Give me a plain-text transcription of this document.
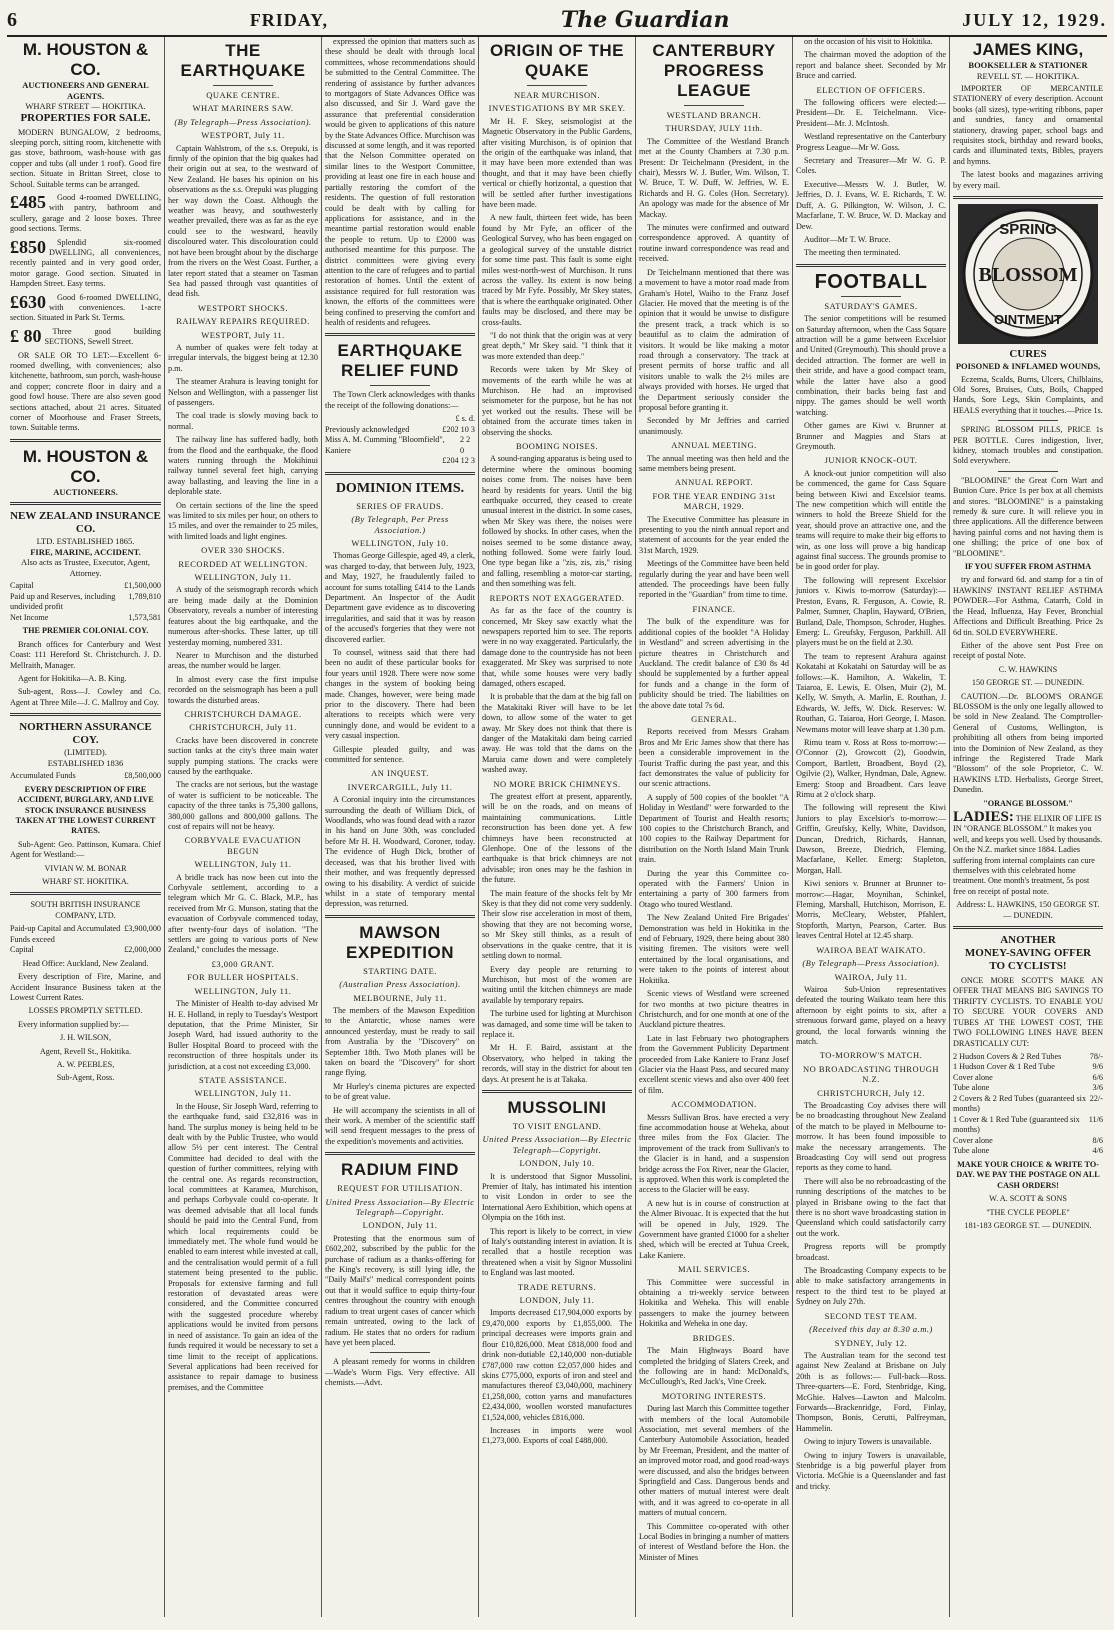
6	FRIDAY,	The Guardian	JULY 12, 1929.
M. HOUSTON & CO.
AUCTIONEERS AND GENERAL AGENTS.
WHARF STREET — HOKITIKA.
PROPERTIES FOR SALE.

MODERN BUNGALOW, 2 bedrooms, sleeping porch, sitting room, kitchenette with gas stove, bathroom, wash-house with gas copper and tubs (all under 1 roof). Good fire section. Situate in Brittan Street, close to School. Suitable terms can be arranged.

£485	Good 4-roomed DWELLING, with pantry, bathroom and scullery, garage and 2 loose boxes. Three good sections. Terms.

£850	Splendid six-roomed DWELLING, all conveniences, recently painted and in very good order, motor garage. Good section. Situated in Hampden Street. Easy terms.

£630	Good 6-roomed DWELLING, with conveniences. 1-acre section. Situated in Park St. Terms.

£ 80	Three good building SECTIONS, Sewell Street.

OR SALE OR TO LET:—Excellent 6-roomed dwelling, with conveniences; also kitchenette, bathroom, sun porch, wash-house and copper; concrete floor in dairy and a good fowl house. There are also seven good sections attached, about 21 acres. Situated corner of Moorhouse and Fraser Streets, town. Suitable terms.

M. HOUSTON & CO.
AUCTIONEERS.
NEW ZEALAND INSURANCE CO.
LTD. ESTABLISHED 1865.
FIRE, MARINE, ACCIDENT.
Also acts as Trustee, Executor, Agent, Attorney.
Capital	£1,500,000
Paid up and Reserves, including undivided profit
1,789,810
Net Income	1,573,581
THE PREMIER COLONIAL COY.

Branch offices for Canterbury and West Coast: 111 Hereford St. Christchurch. J. D. Mellraith, Manager.

Agent for Hokitika—A. B. King.

Sub-agent, Ross—J. Cowley and Co. Agent at Three Mile—J. C. Mallroy and Coy.

NORTHERN ASSURANCE COY.
(LIMITED).
ESTABLISHED 1836
Accumulated Funds	£8,500,000
EVERY DESCRIPTION OF FIRE ACCIDENT, BURGLARY, AND LIVE STOCK INSURANCE BUSINESS TAKEN AT THE LOWEST CURRENT RATES.

Sub-Agent: Geo. Pattinson, Kumara. Chief Agent for Westland:—

VIVIAN W. M. BONAR
WHARF ST. HOKITIKA.
SOUTH BRITISH INSURANCE COMPANY, LTD.
Paid-up Capital and Accumulated Funds exceed
£3,900,000
Capital	£2,000,000
Head Office: Auckland, New Zealand.

Every description of Fire, Marine, and Accident Insurance Business taken at the Lowest Current Rates.

LOSSES PROMPTLY SETTLED.

Every information supplied by:—

J. H. WILSON,
Agent, Revell St., Hokitika.
A. W. PEEBLES,
Sub-Agent, Ross.
THE EARTHQUAKE
QUAKE CENTRE.
WHAT MARINERS SAW.
(By Telegraph—Press Association).
WESTPORT, July 11.

Captain Wahlstrom, of the s.s. Orepuki, is firmly of the opinion that the big quakes had their origin out at sea, to the westward of New Zealand. He bases his opinion on his observations as the s.s. Orepuki was plugging her way down the Coast. Although the weather was heavy, and southwesterly weather prevailed, there was as far as the eye could see to the westward, heavily discoloured water. This discolouration could not have been brought about by the discharge from the rivers on the West Coast. Further, a later report stated that a steamer on Tasman Sea had passed through vast quantities of dead fish.

WESTPORT SHOCKS.
RAILWAY REPAIRS REQUIRED.
WESTPORT, July 11.

A number of quakes were felt today at irregular intervals, the biggest being at 12.30 p.m.

The steamer Arahura is leaving tonight for Nelson and Wellington, with a passenger list of passengers.

The coal trade is slowly moving back to normal.

The railway line has suffered badly, both from the flood and the earthquake, the flood waters running through the Mokihinui railway tunnel several feet high, carrying away ballasting, and leaving the line in a deplorable state.

On certain sections of the line the speed was limited to six miles per hour, on others to 15 miles, and over the remainder to 25 miles, with limited loads and light engines.

OVER 330 SHOCKS.
RECORDED AT WELLINGTON.
WELLINGTON, July 11.

A study of the seismograph records which are being made daily at the Dominion Observatory, reveals a number of interesting features about the big earthquake, and the numerous after-shocks. These latter, up till yesterday morning, numbered 331.

Nearer to Murchison and the disturbed areas, the number would be larger.

In almost every case the first impulse recorded on the seismograph has been a pull towards the disturbed areas.

CHRISTCHURCH DAMAGE.
CHRISTCHURCH, July 11.

Cracks have been discovered in concrete suction tanks at the city's three main water supply pumping stations. The cracks were caused by the earthquake.

The cracks are not serious, but the wastage of water is sufficient to be noticeable. The capacity of the three tanks is 75,300 gallons, 380,000 gallons and 800,000 gallons. The cost of repairs will not be heavy.

CORBYVALE EVACUATION BEGUN
WELLINGTON, July 11.

A bridle track has now been cut into the Corbyvale settlement, according to a telegram which Mr G. C. Black, M.P., has received from Mr G. Munson, stating that the evacuation of Corbyvale commenced today, after twenty-four days of isolation. "The settlers are going to various ports of New Zealand," concludes the message.

£3,000 GRANT.
FOR BULLER HOSPITALS.
WELLINGTON, July 11.

The Minister of Health to-day advised Mr H. E. Holland, in reply to Tuesday's Westport deputation, that the Prime Minister, Sir Joseph Ward, had issued authority to the Buller Hospital Board to proceed with the reconstruction of three hospitals under its jurisdiction, at a cost not exceeding £3,000.

STATE ASSISTANCE.
WELLINGTON, July 11.

In the House, Sir Joseph Ward, referring to the earthquake fund, said £32,816 was in hand. The surplus money is being held to be dealt with by the Public Trustee, who would allow 5½ per cent interest. The Central Committee had decided to deal with the question of further committees, relying with the central one. As regards reconstruction, local committees at Karamea, Murchison, and perhaps Corbyvale could co-operate. It was deemed advisable that all local funds should be paid into the Central Fund, from which local requirements could be immediately met. The whole fund would be enabled to earn interest while invested at call, and the centralisation would permit of a full statement being presented to the public. Proposals for extensive farming and full restoration of devastated areas were considered, and the Committee concurred with the suggested procedure whereby applications would be invited from persons in need of assistance. To gain an idea of the funds required it would be necessary to set a time limit to the receipt of applications. Several applications had been received for assistance to repair damage to business premises, and the Committee

expressed the opinion that matters such as these should be dealt with through local committees, whose recommendations should be submitted to the Central Committee. The rendering of assistance by further advances to mortgagors of State Advances Office was also discussed, and Sir J. Ward gave the assurance that preferential consideration would be given to applications of this nature by the State Advances Office. Murchison was discussed at some length, and it was reported that the Nelson Committee operated on similar lines to the Westport Committee, providing at least one fire in each house and partially restoring the comfort of the residents. The question of full restoration could be dealt with by calling for applications for assistance, and in the meantime partial restoration would enable the people to return. Up to £2000 was authorised meantime for this purpose. The district committees were giving every attention to the care of refugees and to partial restoration of homes. Until the extent of assistance required for full restoration was known, the efforts of the committees were being confined to preserving the comfort and health of residents and refugees.

EARTHQUAKE RELIEF FUND

The Town Clerk acknowledges with thanks the receipt of the following donations:—

£ s. d.
Previously acknowledged	£202 10 3
Miss A. M. Cumming "Bloomfield", Kaniere
2 2 0
£204 12 3
DOMINION ITEMS.
SERIES OF FRAUDS.
(By Telegraph, Per Press Association.)
WELLINGTON, July 10.

Thomas George Gillespie, aged 49, a clerk, was charged to-day, that between July, 1923, and May, 1927, he fraudulently failed to account for sums totalling £414 to the Lands Department. An Inspector of the Audit Department gave evidence as to discovering irregularities, and said that it was by reason of the accused's forgeries that they were not discovered earlier.

To counsel, witness said that there had been no audit of these particular books for four years until 1928. There were now some changes in the system of booking being made. Changes, however, were being made prior to the discovery. There had been alterations to receipts which were very cunningly done, and would be evident to a very casual inspection.

Gillespie pleaded guilty, and was committed for sentence.

AN INQUEST.
INVERCARGILL, July 11.

A Coronial inquiry into the circumstances surrounding the death of William Dick, of Woodlands, who was found dead with a razor in his hand on June 30th, was concluded before Mr H. H. Woodward, Coroner, today. The evidence of Hugh Dick, brother of deceased, was that his brother lived with their mother, and was frequently depressed owing to his disability. A verdict of suicide whilst in a state of temporary mental depression, was returned.

MAWSON EXPEDITION
STARTING DATE.
(Australian Press Association).
MELBOURNE, July 11.

The members of the Mawson Expedition to the Antarctic, whose names were announced yesterday, must be ready to sail from Australia by the "Discovery" on September 18th. Two Moth planes will be taken on board the "Discovery" for short range flying.

Mr Hurley's cinema pictures are expected to be of great value.

He will accompany the scientists in all of their work. A member of the scientific staff will send frequent messages to the press of the expedition's movements and activities.

RADIUM FIND
REQUEST FOR UTILISATION.
United Press Association—By Electric Telegraph—Copyright.
LONDON, July 11.

Protesting that the enormous sum of £602,202, subscribed by the public for the purchase of radium as a thanks-offering for the King's recovery, is still lying idle, the "Daily Mail's" medical correspondent points out that it would suffice to equip thirty-four centres throughout the country with enough radium to treat urgent cases of cancer which remain untreated, owing to the lack of radium. He states that no orders for radium have yet been placed.

A pleasant remedy for worms in children—Wade's Worm Figs. Very effective. All chemists.—Advt.

ORIGIN OF THE QUAKE
NEAR MURCHISON.
INVESTIGATIONS BY MR SKEY.

Mr H. F. Skey, seismologist at the Magnetic Observatory in the Public Gardens, after visiting Murchison, is of opinion that the origin of the earthquake was inland, that it may have been more extended than was thought, and that it may have been chiefly vertical or chiefly horizontal, a question that will be settled after further investigations have been made.

A new fault, thirteen feet wide, has been found by Mr Fyfe, an officer of the Geological Survey, who has been engaged on a geological survey of the unstable district for some time past. This fault is some eight miles west-north-west of Murchison. It runs across the valley. Its extent is now being traced by Mr Fyfe. Possibly, Mr Skey states, that is where the earthquake originated. Other faults may be disclosed, and there may be cross-faults.

"I do not think that the origin was at very great depth," Mr Skey said. "I think that it was more extended than deep."

Records were taken by Mr Skey of movements of the earth while he was at Murchison. He had an improvised seismometer for the purpose, but he has not yet worked out the results. These will be obtained from the accurate times taken in observing the shocks.

BOOMING NOISES.

A sound-ranging apparatus is being used to determine where the ominous booming noises come from. The noises have been heard by residents for years. Until the big earthquake occurred, they ceased to create unusual interest in the district. In some cases, when Mr Skey was there, the noises were followed by shocks. In other cases, when the noises seemed to be some distance away, nothing followed. Some were fairly loud. One type began like a "zis, zis, zis," rising and falling, resembling a motor-car starting, and then something was felt.

REPORTS NOT EXAGGERATED.

As far as the face of the country is concerned, Mr Skey saw exactly what the newspapers reported him to see. The reports were in no way exaggerated. Particularly, the damage done to the countryside has not been exaggerated. Mr Skey was surprised to note that, while some houses were very badly damaged, others escaped.

It is probable that the dam at the big fall on the Matakitaki River will have to be let down, to allow some of the water to get away. Mr Skey does not think that there is danger of the Matakitaki dam being carried away. He was told that the dams on the Maruia came down and were completely washed away.

NO MORE BRICK CHIMNEYS.

The greatest effort at present, apparently, will be on the roads, and on means of maintaining communications. Little reconstruction has been done yet. A few chimneys have been reconstructed at Glenhope. One of the lessons of the earthquake is that brick chimneys are not advisable; iron ones may be the fashion in the future.

The main feature of the shocks felt by Mr Skey is that they did not come very suddenly. Their slow rise acceleration in most of them, showing that they are not becoming worse, so Mr Skey still thinks, as a result of observations in the quake centre, that it is settling down to normal.

Every day people are returning to Murchison, but most of the women are waiting until the kitchen chimneys are made available by temporary repairs.

The turbine used for lighting at Murchison was damaged, and some time will be taken to replace it.

Mr H. F. Baird, assistant at the Observatory, who helped in taking the records, will stay in the district for about ten days. At present he is at Takaka.

MUSSOLINI
TO VISIT ENGLAND.
United Press Association—By Electric Telegraph—Copyright.
LONDON, July 10.

It is understood that Signor Mussolini, Premier of Italy, has intimated his intention to visit London in order to see the International Aero Exhibition, which opens at Olympia on the 16th inst.

This report is likely to be correct, in view of Italy's outstanding interest in aviation. It is recalled that a hostile reception was threatened when a visit by Signor Mussolini to England was last mooted.

TRADE RETURNS.
LONDON, July 11.

Imports decreased £17,904,000 exports by £9,470,000 exports by £1,855,000. The principal decreases were imports grain and flour £10,826,000. Meat £818,000 food and drink non-dutiable £2,140,000 non-dutiable £787,000 raw cotton £2,057,000 hides and skins £775,000, exports of iron and steel and manufactures thereof £3,040,000, machinery £1,258,000, cotton yarns and manufactures £2,434,000, woollen worsted manufactures £1,524,000, vehicles £816,000.

Increases in imports were wool £1,273,000. Exports of coal £488,000.

CANTERBURY PROGRESS LEAGUE
WESTLAND BRANCH.
THURSDAY, JULY 11th.

The Committee of the Westland Branch met at the County Chambers at 7.30 p.m. Present: Dr Teichelmann (President, in the chair), Messrs W. J. Butler, Wm. Wilson, T. W. Bruce, T. W. Duff, W. Jeffries, W. E. Richards and H. G. Coles (Hon. Secretary). An apology was made for the absence of Mr Mackay.

The minutes were confirmed and outward correspondence approved. A quantity of routine inward correspondence was read and received.

Dr Teichelmann mentioned that there was a movement to have a motor road made from Graham's Hotel, Waiho to the Franz Josef Glacier. He moved that the meeting is of the opinion that it would be unwise to disfigure the present track, a track which is so beautiful as to claim the admiration of visitors. It would be like making a motor road through a conservatory. The track at present permits of horse traffic and all visitors unable to walk the 2½ miles are always provided with horses. He urged that the Department seriously consider the proposal before granting it.

Seconded by Mr Jeffries and carried unanimously.

ANNUAL MEETING.

The annual meeting was then held and the same members being present.

ANNUAL REPORT.
FOR THE YEAR ENDING 31st MARCH, 1929.

The Executive Committee has pleasure in presenting to you the ninth annual report and statement of accounts for the year ended the 31st March, 1929.

Meetings of the Committee have been held regularly during the year and have been well attended. The proceedings have been fully reported in the "Guardian" from time to time.

FINANCE.

The bulk of the expenditure was for additional copies of the booklet "A Holiday in Westland" and screen advertising in the picture theatres in Christchurch and Auckland. The credit balance of £30 8s 4d should be supplemented by a further appeal for funds and a change in the form of publicity should be tried. The liabilities on the above date total 7s 6d.

GENERAL.

Reports received from Messrs Graham Bros and Mr Eric James show that there has been a considerable improvement in the Tourist Traffic during the past year, and this fact demonstrates the value of publicity for our scenic attractions.

A supply of 500 copies of the booklet "A Holiday in Westland" were forwarded to the Department of Tourist and Health resorts; 100 copies to the Christchurch Branch, and 100 copies to the Railway Department for distribution on the North Island Main Trunk train.

During the year this Committee co-operated with the Farmers' Union in entertaining a party of 300 farmers from Otago who toured Westland.

The New Zealand United Fire Brigades' Demonstration was held in Hokitika in the end of February, 1929, there being about 380 visiting firemen. The visitors were well entertained by the local organisations, and were taken to the points of interest about Hokitika.

Scenic views of Westland were screened for two months at two picture theatres in Christchurch, and for one month at one of the Auckland picture theatres.

Late in last February two photographers from the Government Publicity Department proceeded from Lake Kaniere to Franz Josef Glacier via the Haast Pass, and secured many excellent scenic views and also over 400 feet of film.

ACCOMMODATION.

Messrs Sullivan Bros. have erected a very fine accommodation house at Weheka, about three miles from the Fox Glacier. The improvement of the track from Sullivan's to the Glacier is in hand, and a suspension bridge across the Fox River, near the Glacier, is approved. When this work is completed the access to the Glacier will be easy.

A new hut is in course of construction at the Almer Bivouac. It is expected that the hut will be opened in July, 1929. The Government have granted £1000 for a shelter shed, which will be erected at Tuhua Creek, Lake Kaniere.

MAIL SERVICES.

This Committee were successful in obtaining a tri-weekly service between Hokitika and Weheka. This will enable passengers to make the journey between Hokitika and Weheka in one day.

BRIDGES.

The Main Highways Board have completed the bridging of Slaters Creek, and the following are in hand: McDonald's, McCullough's, Red Jack's, Vine Creek.

MOTORING INTERESTS.

During last March this Committee together with members of the local Automobile Association, met several members of the Canterbury Automobile Association, headed by Mr Freeman, President, and the matter of an improved motor road, and good road-ways were discussed, and also the bridges between Springfield and Cass. Dangerous bends and other matters of mutual interest were dealt with, and it was agreed to co-operate in all matters of mutual concern.

This Committee co-operated with other Local Bodies in bringing a number of matters of interest of Westland before the Hon. the Minister of Mines

on the occasion of his visit to Hokitika.

The chairman moved the adoption of the report and balance sheet. Seconded by Mr Bruce and carried.

ELECTION OF OFFICERS.

The following officers were elected:— President—Dr. E. Teichelmann. Vice-President—Mr. J. McIntosh.

Westland representative on the Canterbury Progress League—Mr W. Goss.

Secretary and Treasurer—Mr W. G. P. Coles.

Executive—Messrs W. J. Butler, W. Jeffries, D. J. Evans, W. E. Richards, T. W. Duff, A. G. Pilkington, W. Wilson, J. C. Macfarlane, T. W. Bruce, W. D. Mackay and Dew.

Auditor—Mr T. W. Bruce.

The meeting then terminated.

FOOTBALL
SATURDAY'S GAMES.

The senior competitions will be resumed on Saturday afternoon, when the Cass Square attraction will be a game between Excelsior and United (Greymouth). This should prove a decided attraction. The former are well in their stride, and have a good compact team, while the latter have also a good combination, their backs being fast and nippy. The games should be well worth watching.

Other games are Kiwi v. Brunner at Brunner and Magpies and Stars at Greymouth.

JUNIOR KNOCK-OUT.

A knock-out junior competition will also be commenced, the game for Cass Square being between Kiwi and Excelsior teams. The new competition which will entitle the winners to hold the Breeze Shield for the year, should prove an attractive one, and the teams will require to make their big efforts to win, as one loss will prove a big handicap against final success. The grounds promise to be in good order for play.

The following will represent Excelsior juniors v. Kiwis to-morrow (Saturday):—Preston, Evans, R. Ferguson, A. Cowie, R. Palmer, Sumner, Chaplin, Hayward, O'Brien, Butland, Dale, Thompson, Schroder, Hughes. Emerg: L. Greufsky, Ferguson, Parkhill. All players must be on the field at 2.30.

The team to represent Arahura against Kokatahi at Kokatahi on Saturday will be as follows:—K. Hamilton, A. Wakelin, T. Taiaroa, E. Lewis, E. Olsen, Muir (2), M. Kelly, W. Smyth, A. Marlin, E. Routhan, J. Edwards, W. Jeffs, W. Dick. Reserves: W. Routhan, G. Taiaroa, Hori George, I. Mason. Newmans motor will leave sharp at 1.30 p.m.

Rimu team v. Ross at Ross to-morrow:—O'Connor (2), Growcott (2), Goodwin, Comport, Bartlett, Broadbent, Boyd (2), Ogilvie (2), Walker, Hyndman, Dale, Agnew. Emerg: Stoop and Broadbent. Cars leave Rimu at 2 o'clock sharp.

The following will represent the Kiwi Juniors to play Excelsior's to-morrow:—Griffin, Greufsky, Kelly, White, Davidson, Duncan, Dredrich, Richards, Hannan, Dawson, Breeze, Diedrich, Fleming, Macfarlane, Keller. Emerg: Stapleton, Morgan, Hall.

Kiwi seniors v. Brunner at Brunner to-morrow:—Hagar, Moynihan, Schinkel, Fleming, Marshall, Hutchison, Morrison, E. Morris, McCleary, Webster, Pfahlert, Stopforth, Martyn, Pearson, Carter. Bus leaves Central Hotel at 12.45 sharp.

WAIROA BEAT WAIKATO.
(By Telegraph—Press Association).
WAIROA, July 11.

Wairoa Sub-Union representatives defeated the touring Waikato team here this afternoon by eight points to six, after a strenuous forward game, played on a heavy ground, the local forwards winning the match.

TO-MORROW'S MATCH.
NO BROADCASTING THROUGH N.Z.
CHRISTCHURCH, July 12.

The Broadcasting Coy advises there will be no broadcasting throughout New Zealand of the match to be played in Melbourne to-morrow. It has been found impossible to make the necessary arrangements. The Broadcasting Coy will send out progress reports as they come to hand.

There will also be no rebroadcasting of the running descriptions of the matches to be played in Brisbane owing to the fact that there is no short wave broadcasting station in Queensland which could satisfactorily carry out the work.

Progress reports will be promptly broadcast.

The Broadcasting Company expects to be able to make satisfactory arrangements in respect to the third test to be played at Sydney on July 27th.

SECOND TEST TEAM.
(Received this day at 8.30 a.m.)
SYDNEY, July 12.

The Australian team for the second test against New Zealand at Brisbane on July 20th is as follows:— Full-back—Ross. Three-quarters—E. Ford, Stenbridge, King, McGhie. Halves—Lawton and Malcolm. Forwards—Brackenridge, Ford, Finlay, Thompson, Bonis, Cerutti, Palfreyman, Hammelin.

Owing to injury Towers is unavailable.

Owing to injury Towers is unavailable, Stenbridge is a big powerful player from Victoria. McGhie is a Queenslander and fast and tricky.

JAMES KING,
BOOKSELLER & STATIONER
REVELL ST. — HOKITIKA.

IMPORTER OF MERCANTILE STATIONERY of every description. Account books (all sizes), type-writing ribbons, paper and sundries, fancy and ornamental stationery, drawing paper, school bags and requisites stock, birthday and reward books, cards and illuminated texts, Bibles, prayers and hymns.

The latest books and magazines arriving by every mail.

SPRING
BLOSSOM
OINTMENT
CURES
POISONED & INFLAMED WOUNDS,

Eczema, Scalds, Burns, Ulcers, Chilblains, Old Sores, Bruises, Cuts, Boils, Chapped Hands, Sore Legs, Skin Complaints, and HEALS everything that it touches.—Price 1s.

SPRING BLOSSOM PILLS, PRICE 1s PER BOTTLE. Cures indigestion, liver, kidney, stomach troubles and constipation. Sold everywhere.

"BLOOMINE" the Great Corn Wart and Bunion Cure. Price 1s per box at all chemists and stores. "BLOOMINE" is a painstaking remedy & sure cure. It will relieve you in three applications. All the difference between having painful corns and not having them is one shilling; the price of one box of "BLOOMINE".

IF YOU SUFFER FROM ASTHMA

try and forward 6d. and stamp for a tin of HAWKINS' INSTANT RELIEF ASTHMA POWDER—For Asthma, Catarrh, Cold in the Head, Influenza, Hay Fever, Bronchial Affections and Difficult Breathing. Price 2s 6d tin. SOLD EVERYWHERE.

Either of the above sent Post Free on receipt of postal Note.

C. W. HAWKINS
150 GEORGE ST. — DUNEDIN.

CAUTION.—Dr. BLOOM'S ORANGE BLOSSOM is the only one legally allowed to be sold in New Zealand. The Comptroller-General of Customs, Wellington, is prohibiting all others from being imported into the Dominion of New Zealand, as they infringe the Registered Trade Mark "Blossom" of the sole Proprietor, C. W. HAWKINS LTD. Herbalists, George Street, Dunedin.

"ORANGE BLOSSOM."
LADIES: THE ELIXIR OF LIFE IS IN "ORANGE BLOSSOM." It makes you well, and keeps you well. Used by thousands. On the N.Z. market since 1884. Ladies suffering from internal complaints can cure themselves with this celebrated home treatment. One month's treatment, 5s post free on receipt of postal note.
Address: L. HAWKINS, 150 GEORGE ST. — DUNEDIN.
ANOTHER
MONEY-SAVING OFFER
TO CYCLISTS!

ONCE MORE SCOTT'S MAKE AN OFFER THAT MEANS BIG SAVINGS TO THRIFTY CYCLISTS. TO ENABLE YOU TO SECURE YOUR COVERS AND TUBES AT THE LOWEST COST, THE TWO FOLLOWING LINES HAVE BEEN DRASTICALLY CUT:

2 Hudson Covers & 2 Red Tubes	78/-
1 Hudson Cover & 1 Red Tube	9/6
Cover alone	6/6
Tube alone	3/6
2 Covers & 2 Red Tubes (guaranteed six months)
22/-
1 Cover & 1 Red Tube (guaranteed six months)
11/6
Cover alone	8/6
Tube alone	4/6
MAKE YOUR CHOICE & WRITE TO-DAY. WE PAY THE POSTAGE ON ALL CASH ORDERS!
W. A. SCOTT & SONS
"THE CYCLE PEOPLE"
181-183 GEORGE ST. — DUNEDIN.
